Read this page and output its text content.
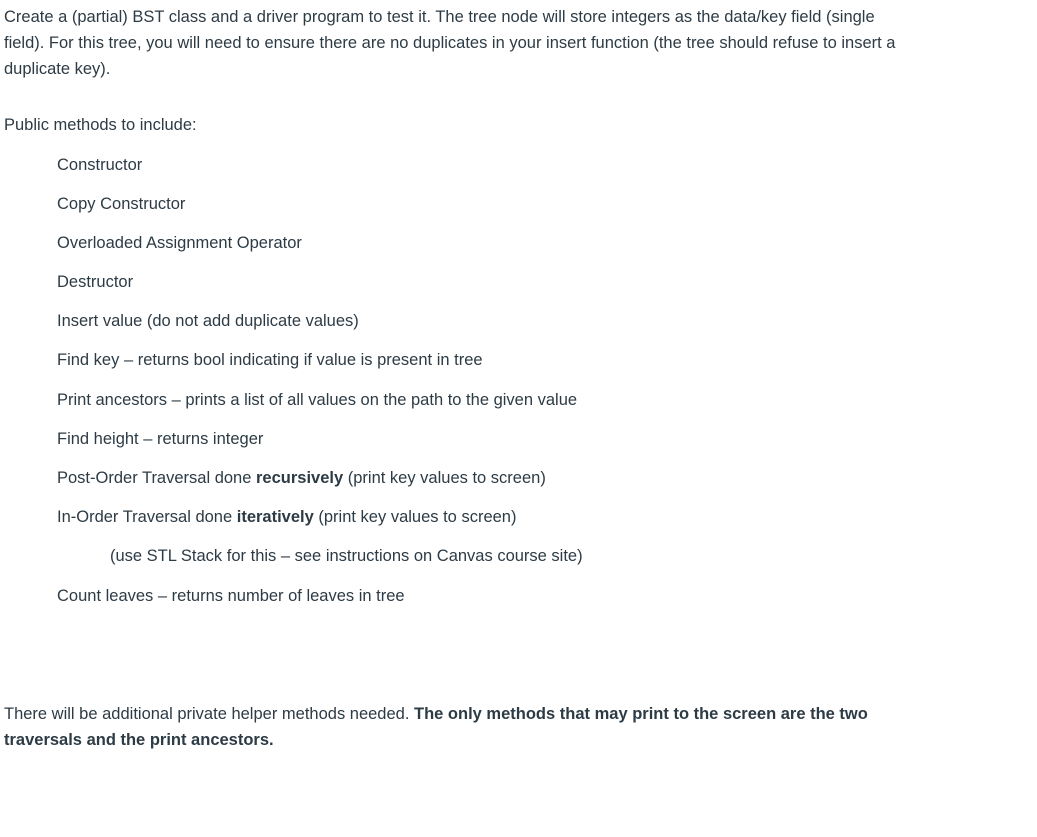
Create a (partial) BST class and a driver program to test it. The tree node will store integers as the data/key field (single field). For this tree, you will need to ensure there are no duplicates in your insert function (the tree should refuse to insert a duplicate key).

Public methods to include:

Constructor

Copy Constructor

Overloaded Assignment Operator

Destructor

Insert value (do not add duplicate values)

Find key – returns bool indicating if value is present in tree

Print ancestors – prints a list of all values on the path to the given value

Find height – returns integer

Post-Order Traversal done recursively (print key values to screen)

In-Order Traversal done iteratively (print key values to screen)

(use STL Stack for this – see instructions on Canvas course site)

Count leaves – returns number of leaves in tree

There will be additional private helper methods needed. The only methods that may print to the screen are the two traversals and the print ancestors.
